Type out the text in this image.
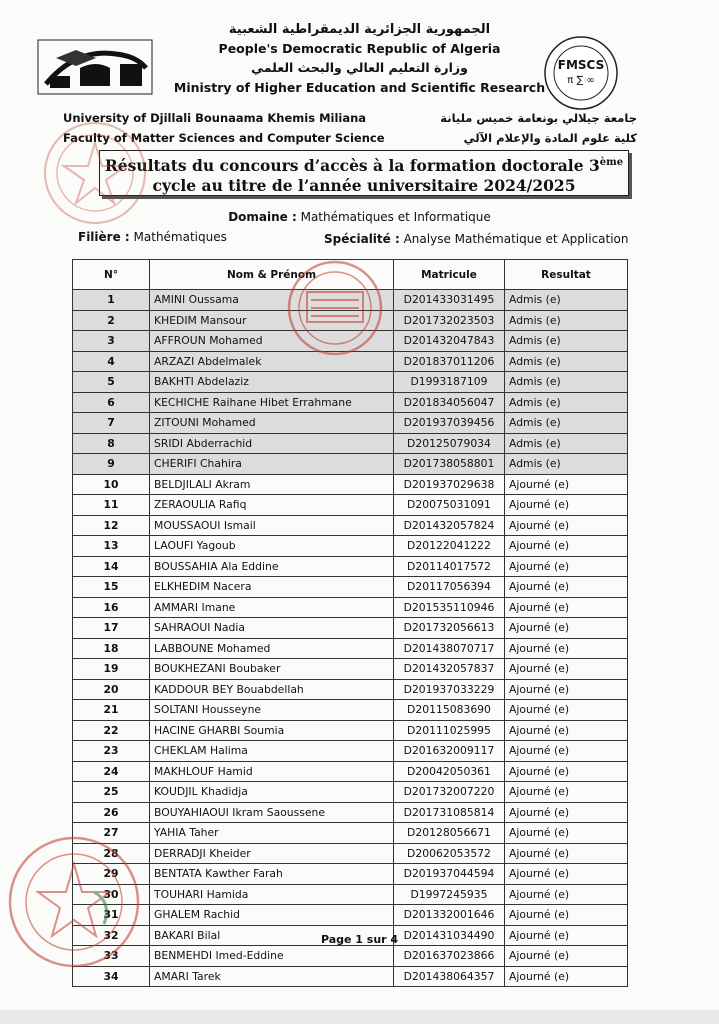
FMSCS
π ∑ ∞
الجمهورية الجزائرية الديمقراطية الشعبية
People's Democratic Republic of Algeria
وزارة التعليم العالي والبحث العلمي
Ministry of Higher Education and Scientific Research
University of Djillali Bounaama Khemis Miliana
Faculty of Matter Sciences and Computer Science
جامعة جيلالي بونعامة خميس مليانة
كلية علوم المادة والإعلام الآلي
Résultats du concours d’accès à la formation doctorale 3ème
cycle au titre de l’année universitaire 2024/2025
Domaine : Mathématiques et Informatique
Filière : Mathématiques	Spécialité : Analyse Mathématique et Application
N°	Nom & Prénom	Matricule	Resultat
1	AMINI Oussama	D201433031495	Admis (e)
2	KHEDIM Mansour	D201732023503	Admis (e)
3	AFFROUN Mohamed	D201432047843	Admis (e)
4	ARZAZI Abdelmalek	D201837011206	Admis (e)
5	BAKHTI Abdelaziz	D1993187109	Admis (e)
6	KECHICHE Raihane Hibet Errahmane	D201834056047	Admis (e)
7	ZITOUNI Mohamed	D201937039456	Admis (e)
8	SRIDI Abderrachid	D20125079034	Admis (e)
9	CHERIFI Chahira	D201738058801	Admis (e)
10	BELDJILALI Akram	D201937029638	Ajourné (e)
11	ZERAOULIA Rafiq	D20075031091	Ajourné (e)
12	MOUSSAOUI Ismail	D201432057824	Ajourné (e)
13	LAOUFI Yagoub	D20122041222	Ajourné (e)
14	BOUSSAHIA Ala Eddine	D20114017572	Ajourné (e)
15	ELKHEDIM Nacera	D20117056394	Ajourné (e)
16	AMMARI Imane	D201535110946	Ajourné (e)
17	SAHRAOUI Nadia	D201732056613	Ajourné (e)
18	LABBOUNE Mohamed	D201438070717	Ajourné (e)
19	BOUKHEZANI Boubaker	D201432057837	Ajourné (e)
20	KADDOUR BEY Bouabdellah	D201937033229	Ajourné (e)
21	SOLTANI Housseyne	D20115083690	Ajourné (e)
22	HACINE GHARBI Soumia	D20111025995	Ajourné (e)
23	CHEKLAM Halima	D201632009117	Ajourné (e)
24	MAKHLOUF Hamid	D20042050361	Ajourné (e)
25	KOUDJIL Khadidja	D201732007220	Ajourné (e)
26	BOUYAHIAOUI Ikram Saoussene	D201731085814	Ajourné (e)
27	YAHIA Taher	D20128056671	Ajourné (e)
28	DERRADJI Kheider	D20062053572	Ajourné (e)
29	BENTATA Kawther Farah	D201937044594	Ajourné (e)
30	TOUHARI Hamida	D1997245935	Ajourné (e)
31	GHALEM Rachid	D201332001646	Ajourné (e)
32	BAKARI Bilal	D201431034490	Ajourné (e)
33	BENMEHDI Imed-Eddine	D201637023866	Ajourné (e)
34	AMARI Tarek	D201438064357	Ajourné (e)
Page 1 sur 4
